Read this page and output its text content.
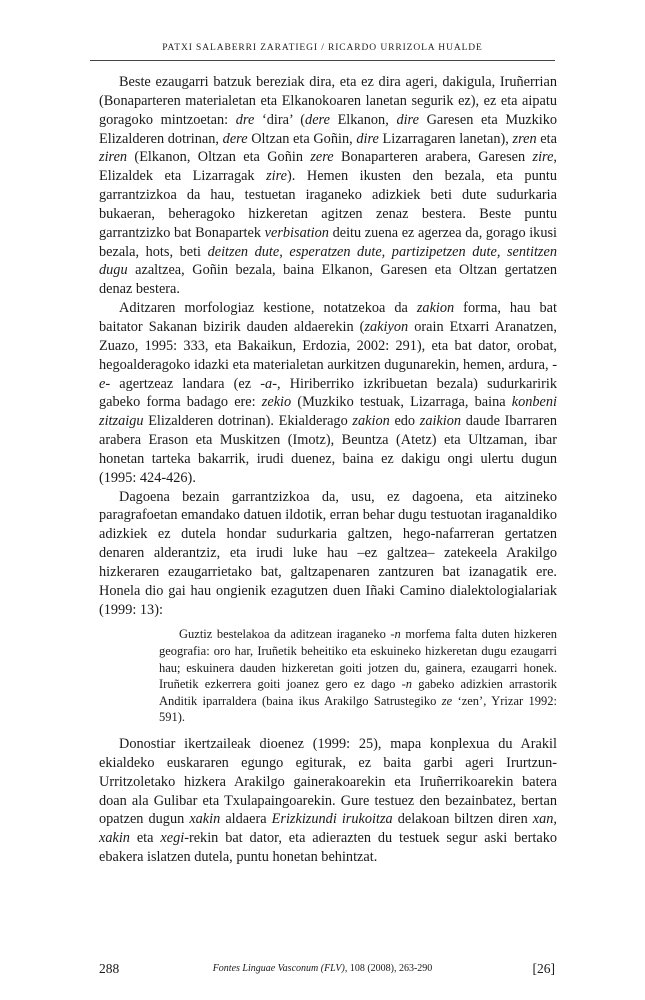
PATXI SALABERRI ZARATIEGI / RICARDO URRIZOLA HUALDE

Beste ezaugarri batzuk bereziak dira, eta ez dira ageri, dakigula, Iruñerrian (Bonaparteren materialetan eta Elkanokoaren lanetan segurik ez), ez eta aipatu goragoko mintzoetan: dre ‘dira’ (dere Elkanon, dire Garesen eta Muzkiko Elizalderen dotrinan, dere Oltzan eta Goñin, dire Lizarragaren lanetan), zren eta ziren (Elkanon, Oltzan eta Goñin zere Bonaparteren arabera, Garesen zire, Elizaldek eta Lizarragak zire). Hemen ikusten den bezala, eta puntu garrantzizkoa da hau, testuetan iraganeko adizkiek beti dute sudurkaria bukaeran, beheragoko hizkeretan agitzen zenaz bestera. Beste puntu garrantzizko bat Bonapartek verbisation deitu zuena ez agerzea da, gorago ikusi bezala, hots, beti deitzen dute, esperatzen dute, partizipetzen dute, sentitzen dugu azaltzea, Goñin bezala, baina Elkanon, Garesen eta Oltzan gertatzen denaz bestera.

Aditzaren morfologiaz kestione, notatzekoa da zakion forma, hau bat baitator Sakanan bizirik dauden aldaerekin (zakiyon orain Etxarri Aranatzen, Zuazo, 1995: 333, eta Bakaikun, Erdozia, 2002: 291), eta bat dator, orobat, hegoalderagoko idazki eta materialetan aurkitzen dugunarekin, hemen, ardura, -e- agertzeaz landara (ez -a-, Hiriberriko izkribuetan bezala) sudurkaririk gabeko forma badago ere: zekio (Muzkiko testuak, Lizarraga, baina konbeni zitzaigu Elizalderen dotrinan). Ekialderago zakion edo zaikion daude Ibarraren arabera Erason eta Muskitzen (Imotz), Beuntza (Atetz) eta Ultzaman, ibar honetan tarteka bakarrik, irudi duenez, baina ez dakigu ongi ulertu dugun (1995: 424-426).

Dagoena bezain garrantzizkoa da, usu, ez dagoena, eta aitzineko paragrafoetan emandako datuen ildotik, erran behar dugu testuotan iraganaldiko adizkiek ez dutela hondar sudurkaria galtzen, hego-nafarreran gertatzen denaren alderantziz, eta irudi luke hau –ez galtzea– zatekeela Arakilgo hizkeraren ezaugarrietako bat, galtzapenaren zantzuren bat izanagatik ere. Honela dio gai hau ongienik ezagutzen duen Iñaki Camino dialektologialariak (1999: 13):

Guztiz bestelakoa da aditzean iraganeko -n morfema falta duten hizkeren geografia: oro har, Iruñetik beheitiko eta eskuineko hizkeretan dugu ezaugarri hau; eskuinera dauden hizkeretan goiti jotzen du, gainera, ezaugarri honek. Iruñetik ezkerrera goiti joanez gero ez dago -n gabeko adizkien arrastorik Anditik iparraldera (baina ikus Arakilgo Satrustegiko ze ‘zen’, Yrizar 1992: 591).

Donostiar ikertzaileak dioenez (1999: 25), mapa konplexua du Arakil ekialdeko euskararen egungo egiturak, ez baita garbi ageri Irurtzun-Urritzoletako hizkera Arakilgo gainerakoarekin eta Iruñerrikoarekin batera doan ala Gulibar eta Txulapaingoarekin. Gure testuez den bezainbatez, bertan opatzen dugun xakin aldaera Erizkizundi irukoitza delakoan biltzen diren xan, xakin eta xegi-rekin bat dator, eta adierazten du testuek segur aski bertako ebakera islatzen dutela, puntu honetan behintzat.

288	Fontes Linguae Vasconum (FLV), 108 (2008), 263-290	[26]
